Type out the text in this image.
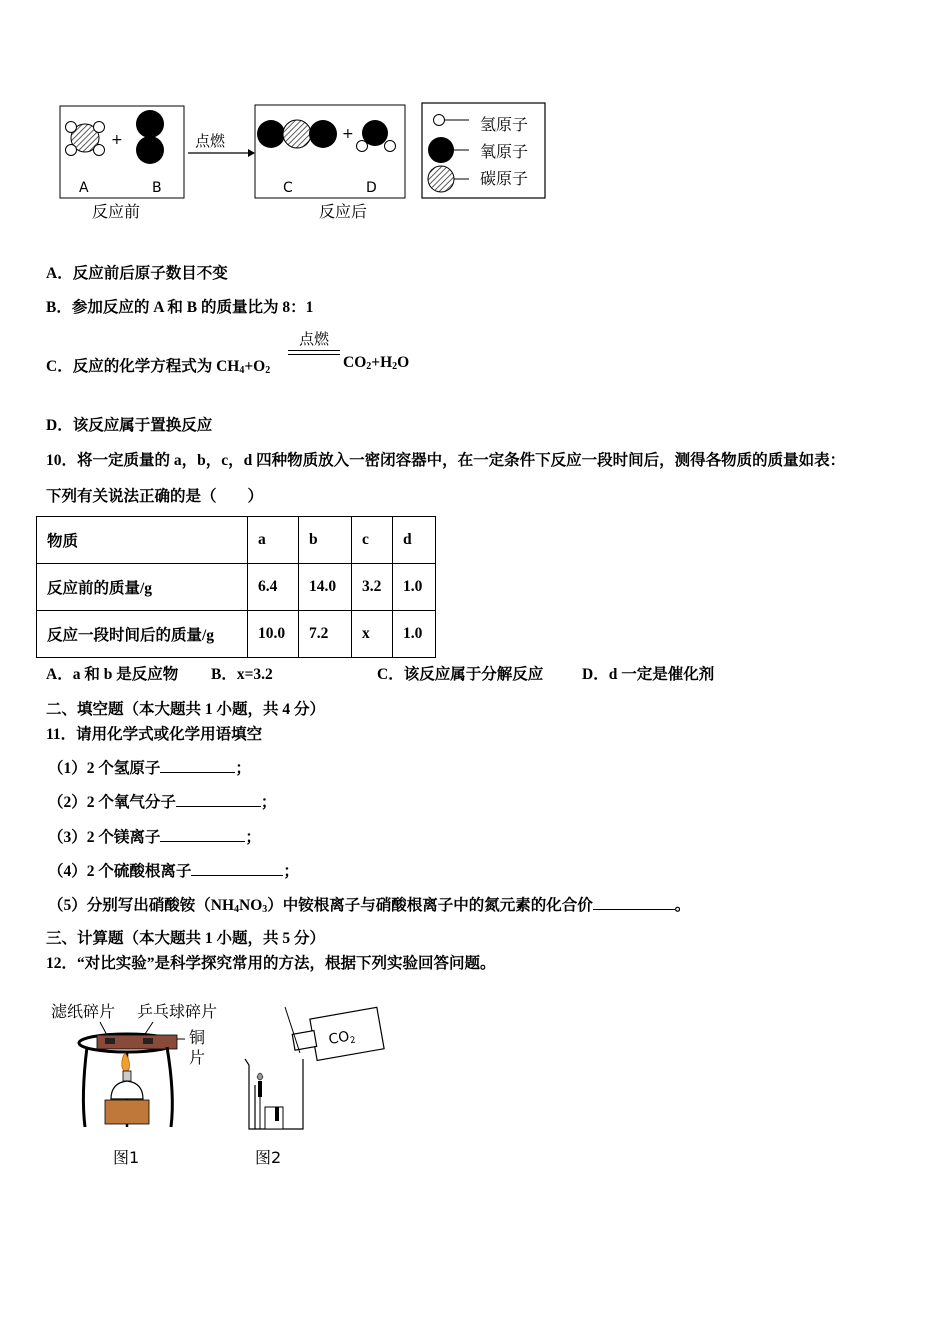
+
A	B
反应前
点燃	+
C	D
反应后
氢原子
氧原子
碳原子
A．反应前后原子数目不变
B．参加反应的 A 和 B 的质量比为 8：1
C．反应的化学方程式为 $CH_4+O_2$
点燃
$CO_2+H_2O$
D．该反应属于置换反应
10．将一定质量的 a，b，c，d 四种物质放入一密闭容器中，在一定条件下反应一段时间后，测得各物质的质量如表：
下列有关说法正确的是（　　）
物质	a	b	c	d
反应前的质量/g	6.4	14.0	3.2	1.0
反应一段时间后的质量/g	10.0	7.2	x	1.0
A．a 和 b 是反应物 B．x=3.2	C．该反应属于分解反应	D．d 一定是催化剂
二、填空题（本大题共 1 小题，共 4 分）
11．请用化学式或化学用语填空
（1）2 个氢原子	；
（2）2 个氧气分子	；
（3）2 个镁离子	；
（4）2 个硫酸根离子	；
（5）分别写出硝酸铵$(NH_4NO_3)$中铵根离子与硝酸根离子中的氮元素的化合价	。
三、计算题（本大题共 1 小题，共 5 分）
12．“对比实验”是科学探究常用的方法，根据下列实验回答问题。
滤纸碎片 乒乓球碎片
铜
片
图1
$CO_2$
图2
